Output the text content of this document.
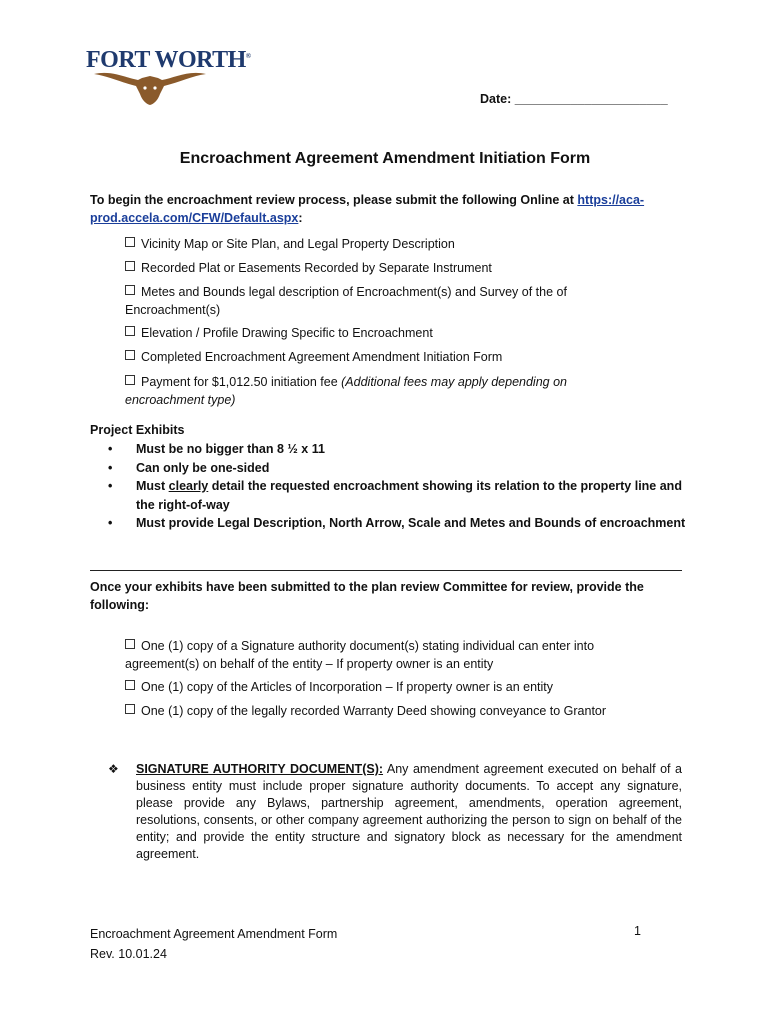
FORT WORTH®
Date: ______________________
Encroachment Agreement Amendment Initiation Form
To begin the encroachment review process, please submit the following Online at https://aca-prod.accela.com/CFW/Default.aspx:
Vicinity Map or Site Plan, and Legal Property Description
Recorded Plat or Easements Recorded by Separate Instrument
Metes and Bounds legal description of Encroachment(s) and Survey of the of Encroachment(s)
Elevation / Profile Drawing Specific to Encroachment
Completed Encroachment Agreement Amendment Initiation Form
Payment for $1,012.50 initiation fee (Additional fees may apply depending on encroachment type)
Project Exhibits
• Must be no bigger than 8 ½ x 11
• Can only be one-sided
• Must clearly detail the requested encroachment showing its relation to the property line and the right-of-way
• Must provide Legal Description, North Arrow, Scale and Metes and Bounds of encroachment
Once your exhibits have been submitted to the plan review Committee for review, provide the following:
One (1) copy of a Signature authority document(s) stating individual can enter into agreement(s) on behalf of the entity – If property owner is an entity
One (1) copy of the Articles of Incorporation – If property owner is an entity
One (1) copy of the legally recorded Warranty Deed showing conveyance to Grantor
❖ SIGNATURE AUTHORITY DOCUMENT(S): Any amendment agreement executed on behalf of a business entity must include proper signature authority documents. To accept any signature, please provide any Bylaws, partnership agreement, amendments, operation agreement, resolutions, consents, or other company agreement authorizing the person to sign on behalf of the entity; and provide the entity structure and signatory block as necessary for the amendment agreement.
Encroachment Agreement Amendment Form
Rev. 10.01.24
1
